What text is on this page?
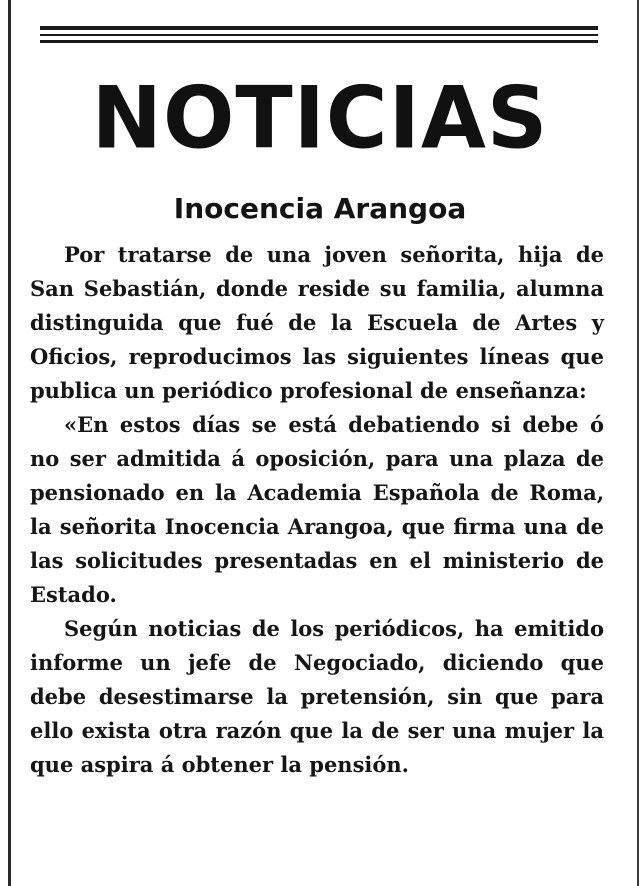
NOTICIAS
Inocencia Arangoa

Por tratarse de una joven señorita, hija de San Sebastián, donde reside su familia, alumna distinguida que fué de la Escuela de Artes y Oficios, reproducimos las siguientes líneas que publica un periódico profesional de enseñanza:

«En estos días se está debatiendo si debe ó no ser admitida á oposición, para una plaza de pensionado en la Academia Española de Roma, la señorita Inocencia Arangoa, que firma una de las solicitudes presentadas en el ministerio de Estado.

Según noticias de los periódicos, ha emitido informe un jefe de Negociado, diciendo que debe desestimarse la pretensión, sin que para ello exista otra razón que la de ser una mujer la que aspira á obtener la pensión.
